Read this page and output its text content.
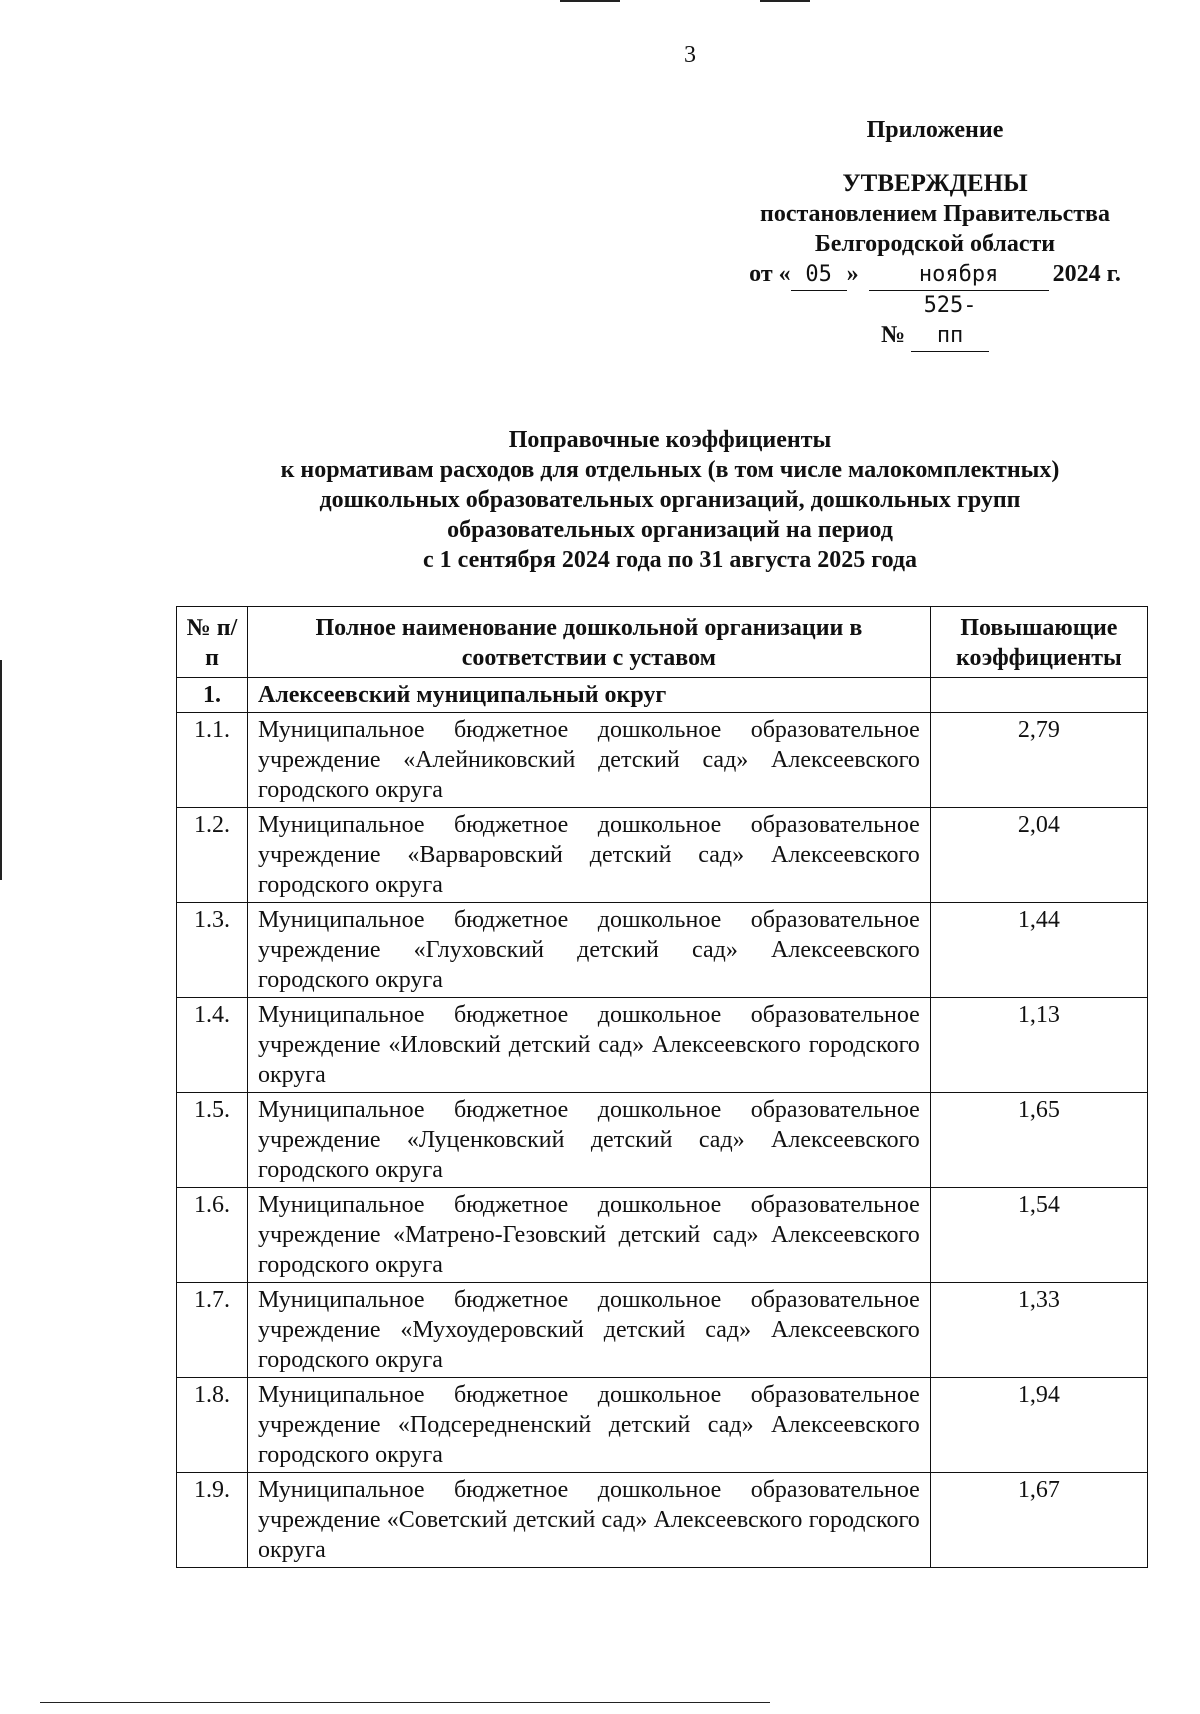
3
Приложение
УТВЕРЖДЕНЫ
постановлением Правительства
Белгородской области
от « 05 »	ноября 2024 г.
№ 525-пп
Поправочные коэффициенты
к нормативам расходов для отдельных (в том числе малокомплектных)
дошкольных образовательных организаций, дошкольных групп
образовательных организаций на период
с 1 сентября 2024 года по 31 августа 2025 года
№ п/п	Полное наименование дошкольной организации в соответствии с уставом	Повышающие коэффициенты
1.	Алексеевский муниципальный округ	
1.1.	Муниципальное бюджетное дошкольное образовательное учреждение «Алейниковский детский сад» Алексеевского городского округа	2,79
1.2.	Муниципальное бюджетное дошкольное образовательное учреждение «Варваровский детский сад» Алексеевского городского округа	2,04
1.3.	Муниципальное бюджетное дошкольное образовательное учреждение «Глуховский детский сад» Алексеевского городского округа	1,44
1.4.	Муниципальное бюджетное дошкольное образовательное учреждение «Иловский детский сад» Алексеевского городского округа	1,13
1.5.	Муниципальное бюджетное дошкольное образовательное учреждение «Луценковский детский сад» Алексеевского городского округа	1,65
1.6.	Муниципальное бюджетное дошкольное образовательное учреждение «Матрено-Гезовский детский сад» Алексеевского городского округа	1,54
1.7.	Муниципальное бюджетное дошкольное образовательное учреждение «Мухоудеровский детский сад» Алексеевского городского округа	1,33
1.8.	Муниципальное бюджетное дошкольное образовательное учреждение «Подсередненский детский сад» Алексеевского городского округа	1,94
1.9.	Муниципальное бюджетное дошкольное образовательное учреждение «Советский детский сад» Алексеевского городского округа	1,67
